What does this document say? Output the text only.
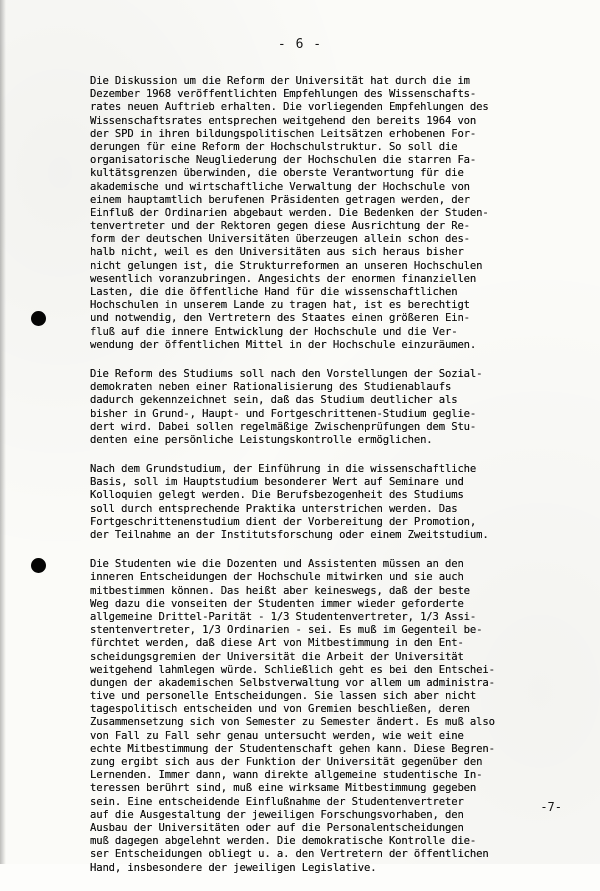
- 6 -
Die Diskussion um die Reform der Universität hat durch die im
Dezember 1968 veröffentlichten Empfehlungen des Wissenschafts-
rates neuen Auftrieb erhalten. Die vorliegenden Empfehlungen des
Wissenschaftsrates entsprechen weitgehend den bereits 1964 von
der SPD in ihren bildungspolitischen Leitsätzen erhobenen For-
derungen für eine Reform der Hochschulstruktur. So soll die
organisatorische Neugliederung der Hochschulen die starren Fa-
kultätsgrenzen überwinden, die oberste Verantwortung für die
akademische und wirtschaftliche Verwaltung der Hochschule von
einem hauptamtlich berufenen Präsidenten getragen werden, der
Einfluß der Ordinarien abgebaut werden. Die Bedenken der Studen-
tenvertreter und der Rektoren gegen diese Ausrichtung der Re-
form der deutschen Universitäten überzeugen allein schon des-
halb nicht, weil es den Universitäten aus sich heraus bisher
nicht gelungen ist, die Strukturreformen an unseren Hochschulen
wesentlich voranzubringen. Angesichts der enormen finanziellen
Lasten, die die öffentliche Hand für die wissenschaftlichen
Hochschulen in unserem Lande zu tragen hat, ist es berechtigt
und notwendig, den Vertretern des Staates einen größeren Ein-
fluß auf die innere Entwicklung der Hochschule und die Ver-
wendung der öffentlichen Mittel in der Hochschule einzuräumen.
Die Reform des Studiums soll nach den Vorstellungen der Sozial-
demokraten neben einer Rationalisierung des Studienablaufs
dadurch gekennzeichnet sein, daß das Studium deutlicher als
bisher in Grund-, Haupt- und Fortgeschrittenen-Studium geglie-
dert wird. Dabei sollen regelmäßige Zwischenprüfungen dem Stu-
denten eine persönliche Leistungskontrolle ermöglichen.
Nach dem Grundstudium, der Einführung in die wissenschaftliche
Basis, soll im Hauptstudium besonderer Wert auf Seminare und
Kolloquien gelegt werden. Die Berufsbezogenheit des Studiums
soll durch entsprechende Praktika unterstrichen werden. Das
Fortgeschrittenenstudium dient der Vorbereitung der Promotion,
der Teilnahme an der Institutsforschung oder einem Zweitstudium.
Die Studenten wie die Dozenten und Assistenten müssen an den
inneren Entscheidungen der Hochschule mitwirken und sie auch
mitbestimmen können. Das heißt aber keineswegs, daß der beste
Weg dazu die vonseiten der Studenten immer wieder geforderte
allgemeine Drittel-Parität - 1/3 Studentenvertreter, 1/3 Assi-
stentenvertreter, 1/3 Ordinarien - sei. Es muß im Gegenteil be-
fürchtet werden, daß diese Art von Mitbestimmung in den Ent-
scheidungsgremien der Universität die Arbeit der Universität
weitgehend lahmlegen würde. Schließlich geht es bei den Entschei-
dungen der akademischen Selbstverwaltung vor allem um administra-
tive und personelle Entscheidungen. Sie lassen sich aber nicht
tagespolitisch entscheiden und von Gremien beschließen, deren
Zusammensetzung sich von Semester zu Semester ändert. Es muß also
von Fall zu Fall sehr genau untersucht werden, wie weit eine
echte Mitbestimmung der Studentenschaft gehen kann. Diese Begren-
zung ergibt sich aus der Funktion der Universität gegenüber den
Lernenden. Immer dann, wann direkte allgemeine studentische In-
teressen berührt sind, muß eine wirksame Mitbestimmung gegeben
sein. Eine entscheidende Einflußnahme der Studentenvertreter
auf die Ausgestaltung der jeweiligen Forschungsvorhaben, den
Ausbau der Universitäten oder auf die Personalentscheidungen
muß dagegen abgelehnt werden. Die demokratische Kontrolle die-
ser Entscheidungen obliegt u. a. den Vertretern der öffentlichen
Hand, insbesondere der jeweiligen Legislative.
-7-
